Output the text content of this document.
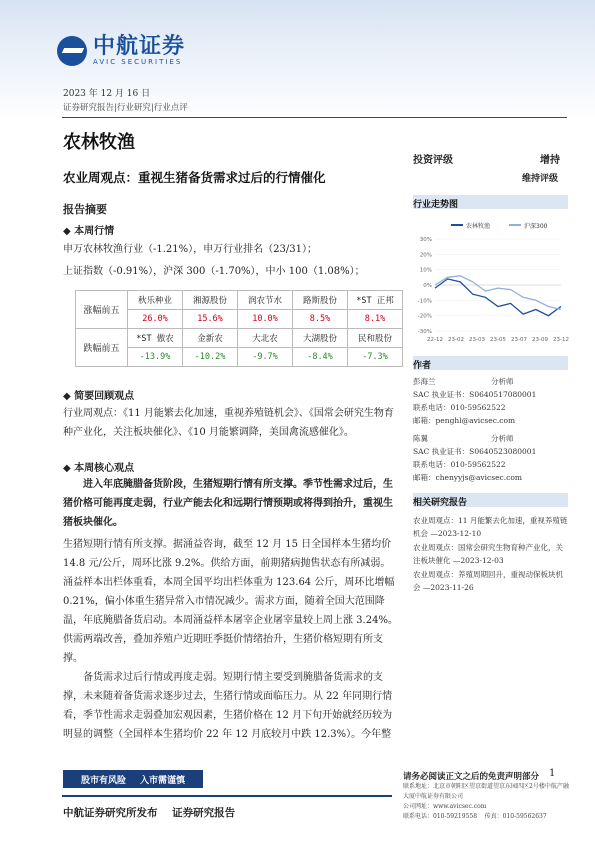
中航证券
AVIC SECURITIES
2023 年 12 月 16 日
证券研究报告|行业研究|行业点评
农林牧渔
投资评级	增持
维持评级
农业周观点：重视生猪备货需求过后的行情催化
报告摘要
◆ 本周行情
申万农林牧渔行业（-1.21%），申万行业排名（23/31）；
上证指数（-0.91%），沪深 300（-1.70%），中小 100（1.08%）；
涨幅前五	秋乐种业	湘源股份	润农节水	路斯股份	*ST 正邦
	26.0%	15.6%	10.0%	8.5%	8.1%
跌幅前五	*ST 傲农	金新农	大北农	大湖股份	民和股份
	-13.9%	-10.2%	-9.7%	-8.4%	-7.3%
◆ 简要回顾观点
行业周观点：《11 月能繁去化加速，重视养殖链机会》、《国常会研究生物育种产业化，关注板块催化》、《10 月能繁调降，美国禽流感催化》。
◆ 本周核心观点
进入年底腌腊备货阶段，生猪短期行情有所支撑。季节性需求过后，生猪价格可能再度走弱，行业产能去化和远期行情预期或将得到抬升，重视生猪板块催化。
生猪短期行情有所支撑。据涌益咨询，截至 12 月 15 日全国样本生猪均价 14.8 元/公斤，周环比涨 9.2%。供给方面，前期猪病抛售状态有所减弱。涌益样本出栏体重看，本周全国平均出栏体重为 123.64 公斤，周环比增幅 0.21%，偏小体重生猪异常入市情况减少。需求方面，随着全国大范围降温，年底腌腊备货启动。本周涌益样本屠宰企业屠宰量较上周上涨 3.24%。供需两端改善，叠加养殖户近期旺季挺价情绪抬升，生猪价格短期有所支撑。
备货需求过后行情或再度走弱。短期行情主要受到腌腊备货需求的支撑，未来随着备货需求逐步过去，生猪行情或面临压力。从 22 年同期行情看，季节性需求走弱叠加宏观因素，生猪价格在 12 月下旬开始就经历较为明显的调整（全国样本生猪均价 22 年 12 月底较月中跌 12.3%）。今年整
行业走势图
农林牧渔	沪深300
30%
20%
10%
0%
-10%
-20%
-30%
22-12 23-02 23-03 23-05 23-07 23-09 23-12
作者
彭海兰	分析师
SAC 执业证书：S0640517080001
联系电话：010-59562522
邮箱：penghl@avicsec.com
陈翼	分析师
SAC 执业证书：S0640523080001
联系电话：010-59562522
邮箱：chenyyjs@avicsec.com
相关研究报告
农业周观点：11 月能繁去化加速，重视养殖链机会 —2023-12-10
农业周观点：国常会研究生物育种产业化，关注板块催化 —2023-12-03
农业周观点：养殖周期回升，重视动保板块机会 —2023-11-26
股市有风险 入市需谨慎	请务必阅读正文之后的免责声明部分 1
联系地址：北京市朝阳区望京街道望京东园四区2号楼中航产融大厦中航证券有限公司
公司网址：www.avicsec.com
联系电话：010-59219558 传真：010-59562637
中航证券研究所发布 证券研究报告
